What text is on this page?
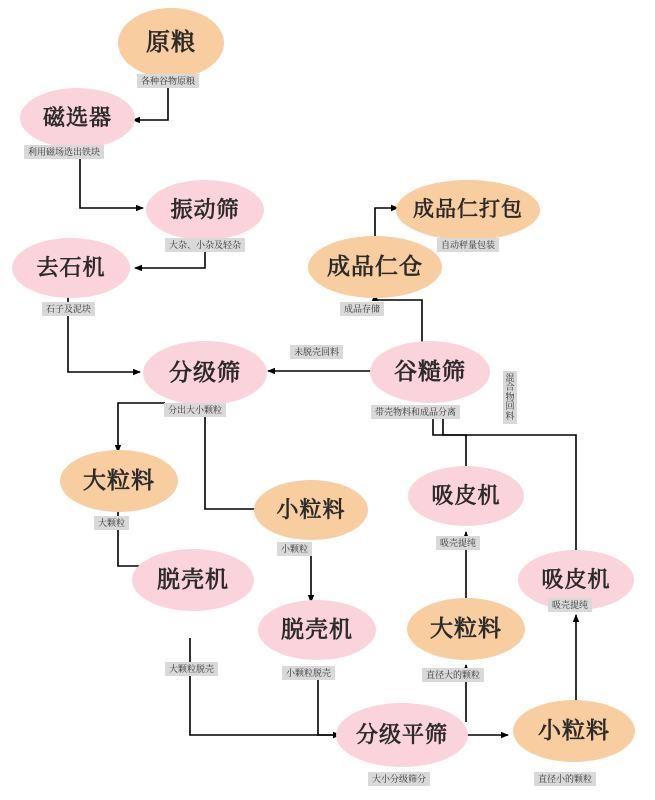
原粮
磁选器
振动筛
去石机
分级筛
大粒料
小粒料
脱壳机
脱壳机
分级平筛
大粒料
小粒料
吸皮机
吸皮机
谷糙筛
成品仁仓
成品仁打包
各种谷物原粮
利用磁场选出铁块
大杂、小杂及轻杂
石子及泥块
分出大小颗粒
大颗粒
小颗粒
大颗粒脱壳	小颗粒脱壳
大小分级筛分
直径大的颗粒
直径小的颗粒
吸壳提纯
吸壳提纯
带壳物料和成品分离
混合物回料
未脱壳回料
成品存储
自动秤量包装
